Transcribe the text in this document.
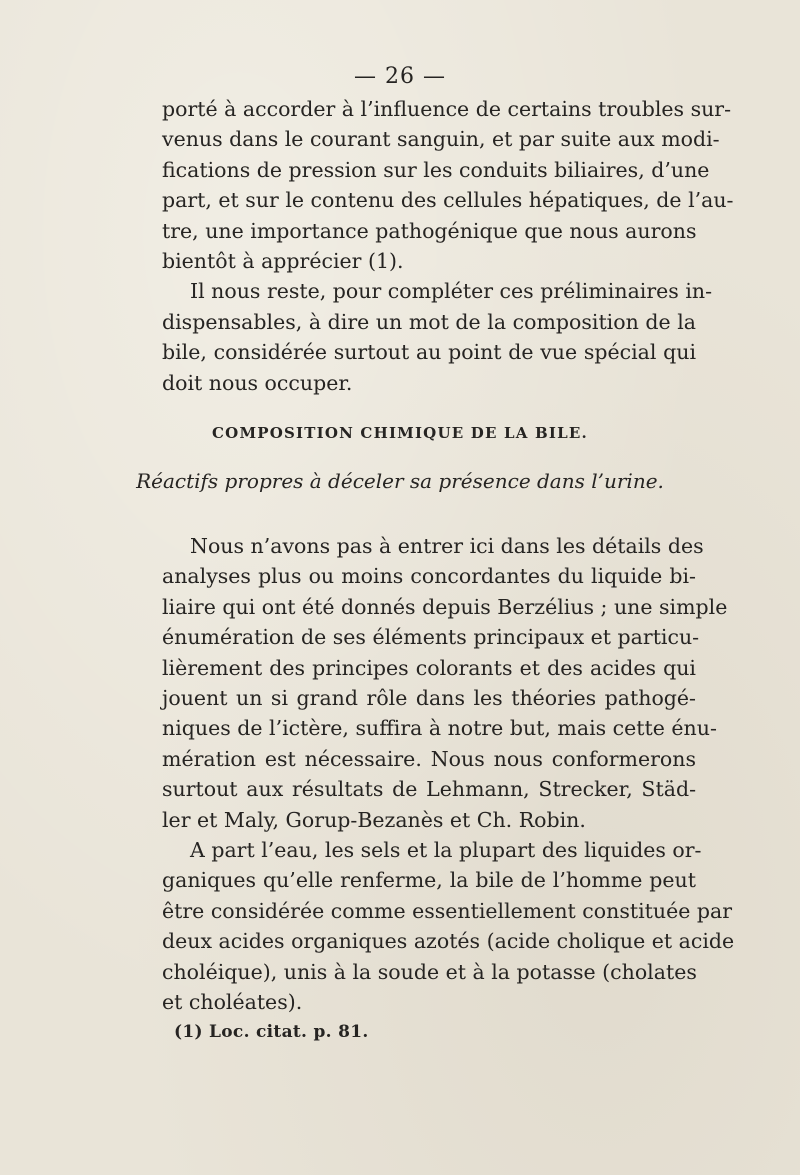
— 26 —
porté à accorder à l’influence de certains troubles sur-
venus dans le courant sanguin, et par suite aux modi-
fications de pression sur les conduits biliaires, d’une
part, et sur le contenu des cellules hépatiques, de l’au-
tre, une importance pathogénique que nous aurons
bientôt à apprécier (1).
Il nous reste, pour compléter ces préliminaires in-
dispensables, à dire un mot de la composition de la
bile, considérée surtout au point de vue spécial qui
doit nous occuper.
COMPOSITION CHIMIQUE DE LA BILE.
Réactifs propres à déceler sa présence dans l’urine.
Nous n’avons pas à entrer ici dans les détails des
analyses plus ou moins concordantes du liquide bi-
liaire qui ont été donnés depuis Berzélius ; une simple
énumération de ses éléments principaux et particu-
lièrement des principes colorants et des acides qui
jouent un si grand rôle dans les théories pathogé-
niques de l’ictère, suffira à notre but, mais cette énu-
mération est nécessaire. Nous nous conformerons
surtout aux résultats de Lehmann, Strecker, Städ-
ler et Maly, Gorup-Bezanès et Ch. Robin.
A part l’eau, les sels et la plupart des liquides or-
ganiques qu’elle renferme, la bile de l’homme peut
être considérée comme essentiellement constituée par
deux acides organiques azotés (acide cholique et acide
choléique), unis à la soude et à la potasse (cholates
et choléates).
(1) Loc. citat. p. 81.
